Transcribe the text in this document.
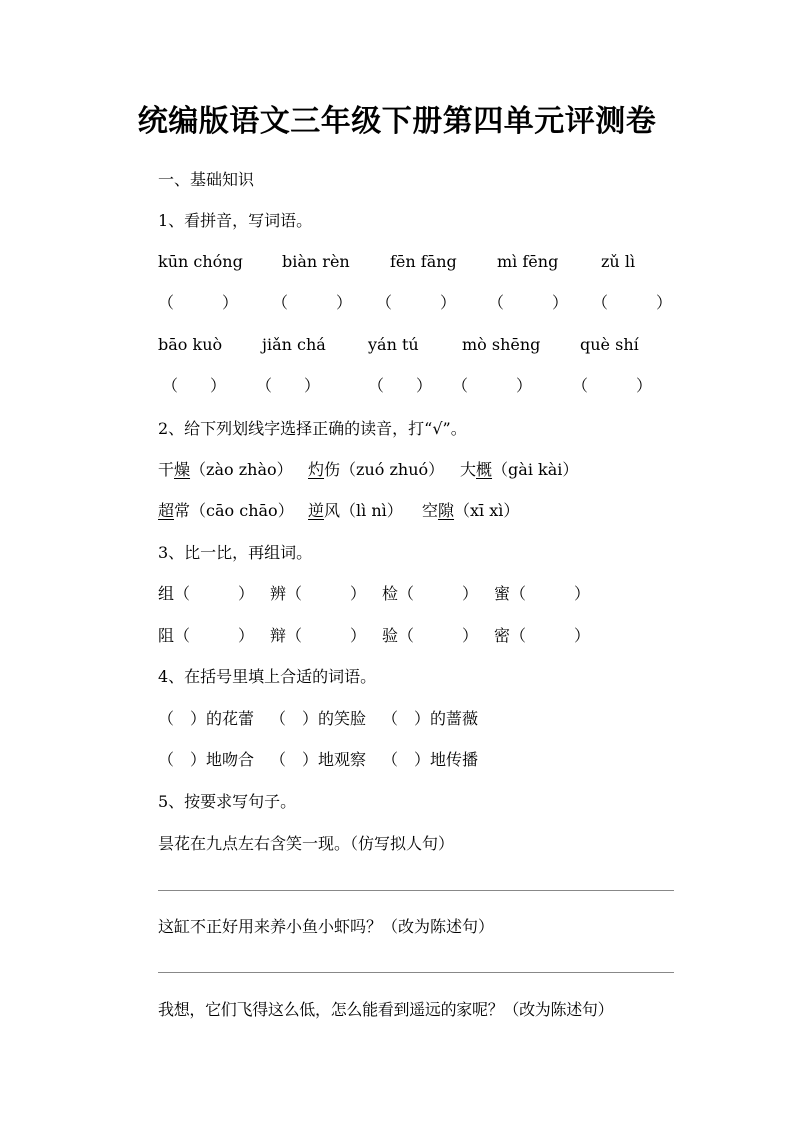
统编版语文三年级下册第四单元评测卷
一、基础知识
1、看拼音，写词语。
kūn chóng biàn rèn	fēn fāng	mì fēng	zǔ lì
（　　　） （　　　） （　　　） （　　　） （　　　）
bāo kuò jiǎn chá	yán tú	mò shēng què shí
（　　） （　　）	（　　） （　　　） （　　　）
2、给下列划线字选择正确的读音，打“√”。
干燥（zào zhào） 灼伤（zuó zhuó） 大概（gài kài）
超常（cāo chāo） 逆风（lì nì） 空隙（xī xì）
3、比一比，再组词。
组（　　　） 辨（　　　） 检（　　　） 蜜（　　　）
阻（　　　） 辩（　　　） 验（　　　） 密（　　　）
4、在括号里填上合适的词语。
（　）的花蕾 （　）的笑脸 （　）的蔷薇
（　）地吻合 （　）地观察 （　）地传播
5、按要求写句子。
昙花在九点左右含笑一现。（仿写拟人句）
这缸不正好用来养小鱼小虾吗？（改为陈述句）
我想，它们飞得这么低，怎么能看到遥远的家呢？（改为陈述句）
